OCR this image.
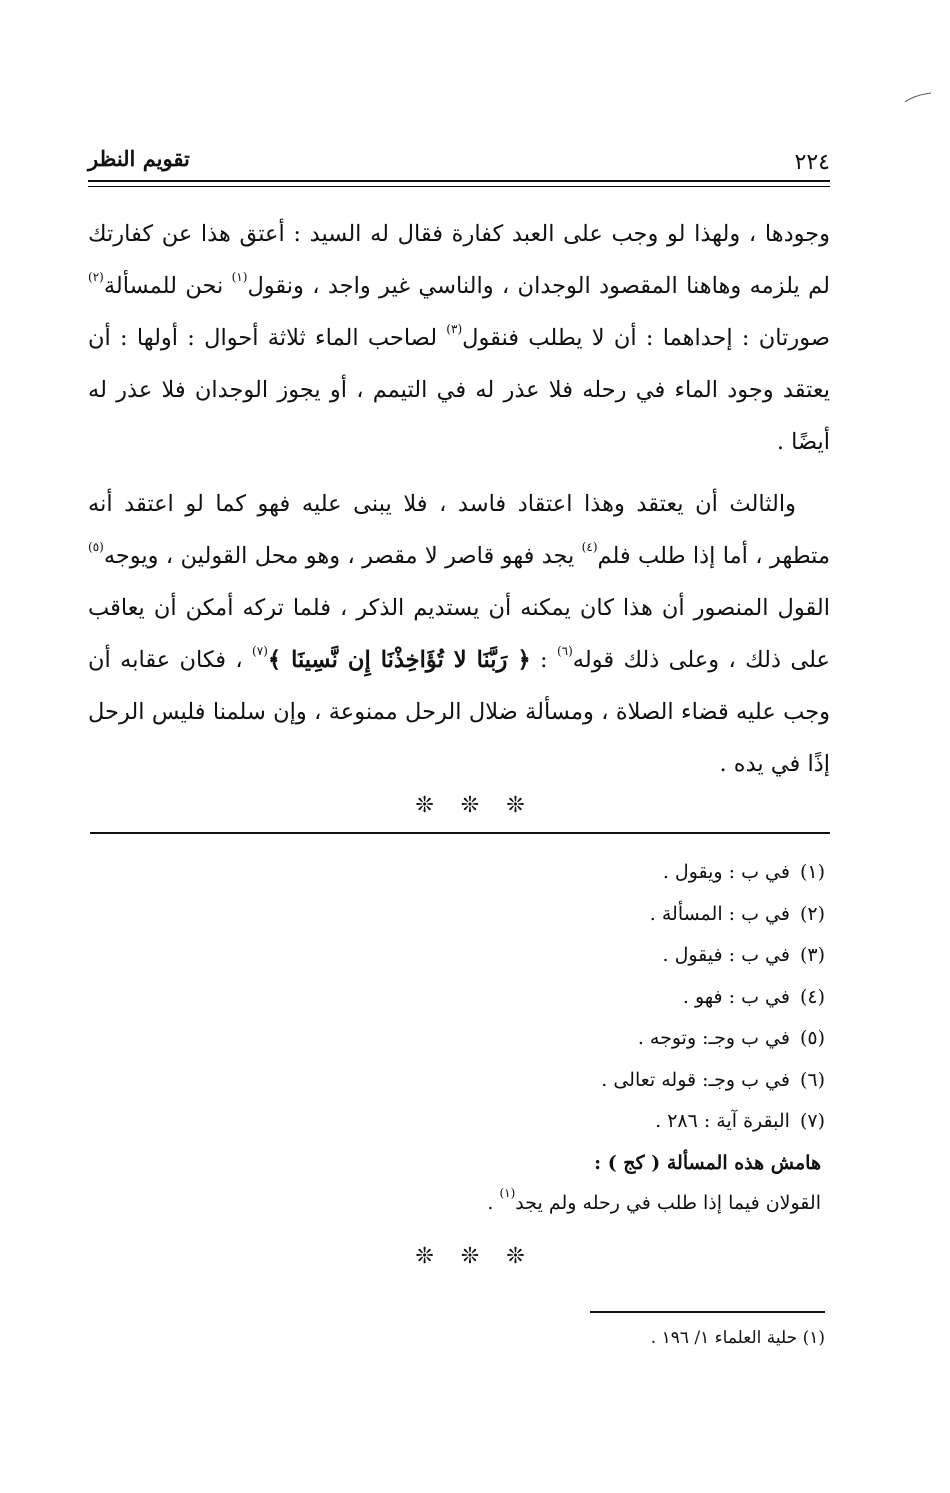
٢٢٤
تقويم النظر

وجودها ، ولهذا لو وجب على العبد كفارة فقال له السيد : أعتق هذا عن كفارتك لم يلزمه وهاهنا المقصود الوجدان ، والناسي غير واجد ، ونقول$^{(١)}$ نحن للمسألة$^{(٢)}$ صورتان : إحداهما : أن لا يطلب فنقول$^{(٣)}$ لصاحب الماء ثلاثة أحوال : أولها : أن يعتقد وجود الماء في رحله فلا عذر له في التيمم ، أو يجوز الوجدان فلا عذر له أيضًا .

والثالث أن يعتقد وهذا اعتقاد فاسد ، فلا يبنى عليه فهو كما لو اعتقد أنه متطهر ، أما إذا طلب فلم$^{(٤)}$ يجد فهو قاصر لا مقصر ، وهو محل القولين ، ويوجه$^{(٥)}$ القول المنصور أن هذا كان يمكنه أن يستديم الذكر ، فلما تركه أمكن أن يعاقب على ذلك ، وعلى ذلك قوله$^{(٦)}$ : ﴿ رَبَّنَا لا تُؤَاخِذْنَا إِن نَّسِينَا ﴾$^{(٧)}$ ، فكان عقابه أن وجب عليه قضاء الصلاة ، ومسألة ضلال الرحل ممنوعة ، وإن سلمنا فليس الرحل إذًا في يده .

❊ ❊ ❊
(١)في ب : ويقول .
(٢)في ب : المسألة .
(٣)في ب : فيقول .
(٤)في ب : فهو .
(٥)في ب وجـ: وتوجه .
(٦)في ب وجـ: قوله تعالى .
(٧)البقرة آية : ٢٨٦ .
هامش هذه المسألة ( كج ) :
القولان فيما إذا طلب في رحله ولم يجد$^{(١)}$ .
❊ ❊ ❊
(١) حلية العلماء ١/ ١٩٦ .
